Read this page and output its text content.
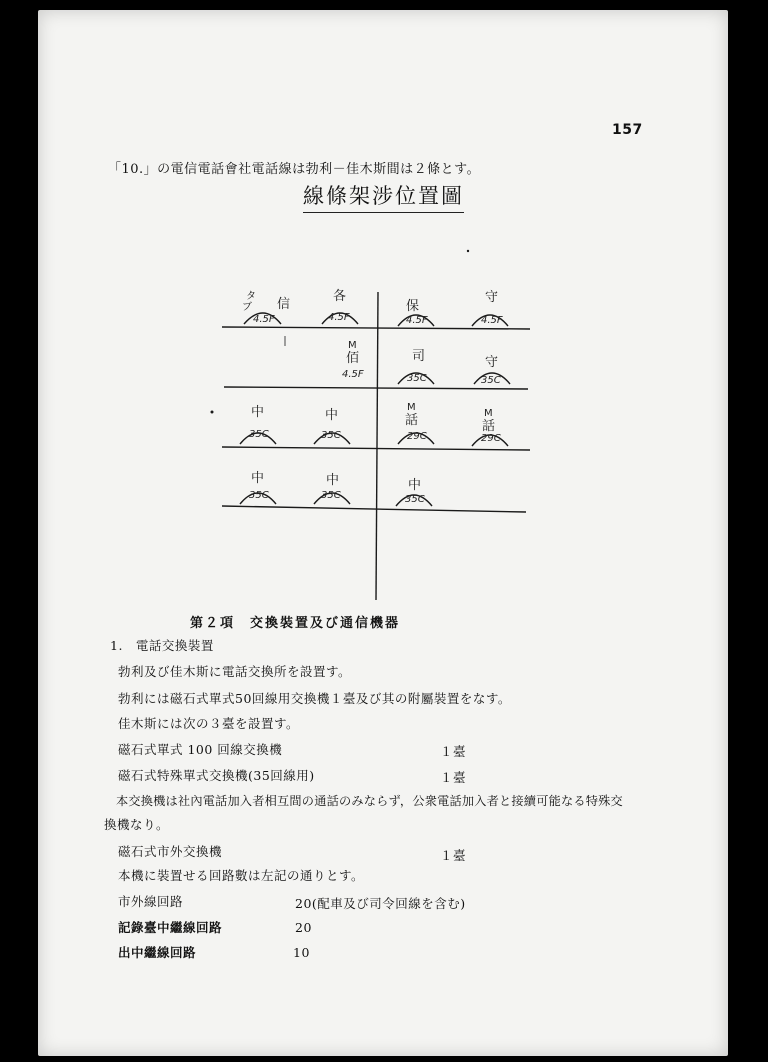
157
「10.」の電信電話會社電話線は勃利－佳木斯間は２條とす。
線條架涉位置圖
タ
ブ
4.5F
信
各
4.5F
保
4.5F
守
4.5F
M
佰
4.5F
司
35C
守
35C
中
35C
中
35C
M
話
29C
M
話
29C
中
35C
中
35C
中
35C
第２項　交換裝置及び通信機器
1.　電話交換裝置
勃利及び佳木斯に電話交換所を設置す。
勃利には磁石式單式50回線用交換機１臺及び其の附屬裝置をなす。
佳木斯には次の３臺を設置す。
磁石式單式 100 回線交換機	１臺
磁石式特殊單式交換機(35回線用)	１臺
本交換機は社內電話加入者相互間の通話のみならず，公衆電話加入者と接續可能なる特殊交
換機なり。
磁石式市外交換機	１臺
本機に裝置せる回路數は左記の通りとす。
市外線回路	20(配車及び司令回線を含む)
記錄臺中繼線回路	20
出中繼線回路	10
